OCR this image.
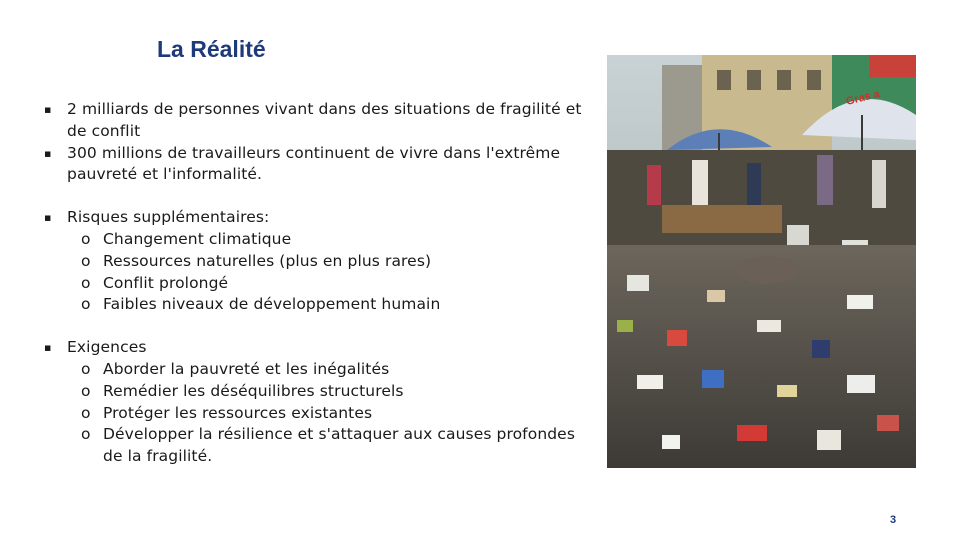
La Réalité
▪ 2 milliards de personnes vivant dans des situations de fragilité et de conflit
▪ 300 millions de travailleurs continuent de vivre dans l'extrême pauvreté et l'informalité.
▪ Risques supplémentaires:
o Changement climatique
o Ressources naturelles (plus en plus rares)
o Conflit prolongé
o Faibles niveaux de développement humain
▪ Exigences
o Aborder la pauvreté et les inégalités
o Remédier les déséquilibres structurels
o Protéger les ressources existantes
o Développer la résilience et s'attaquer aux causes profondes de la fragilité.
Gras a
3
